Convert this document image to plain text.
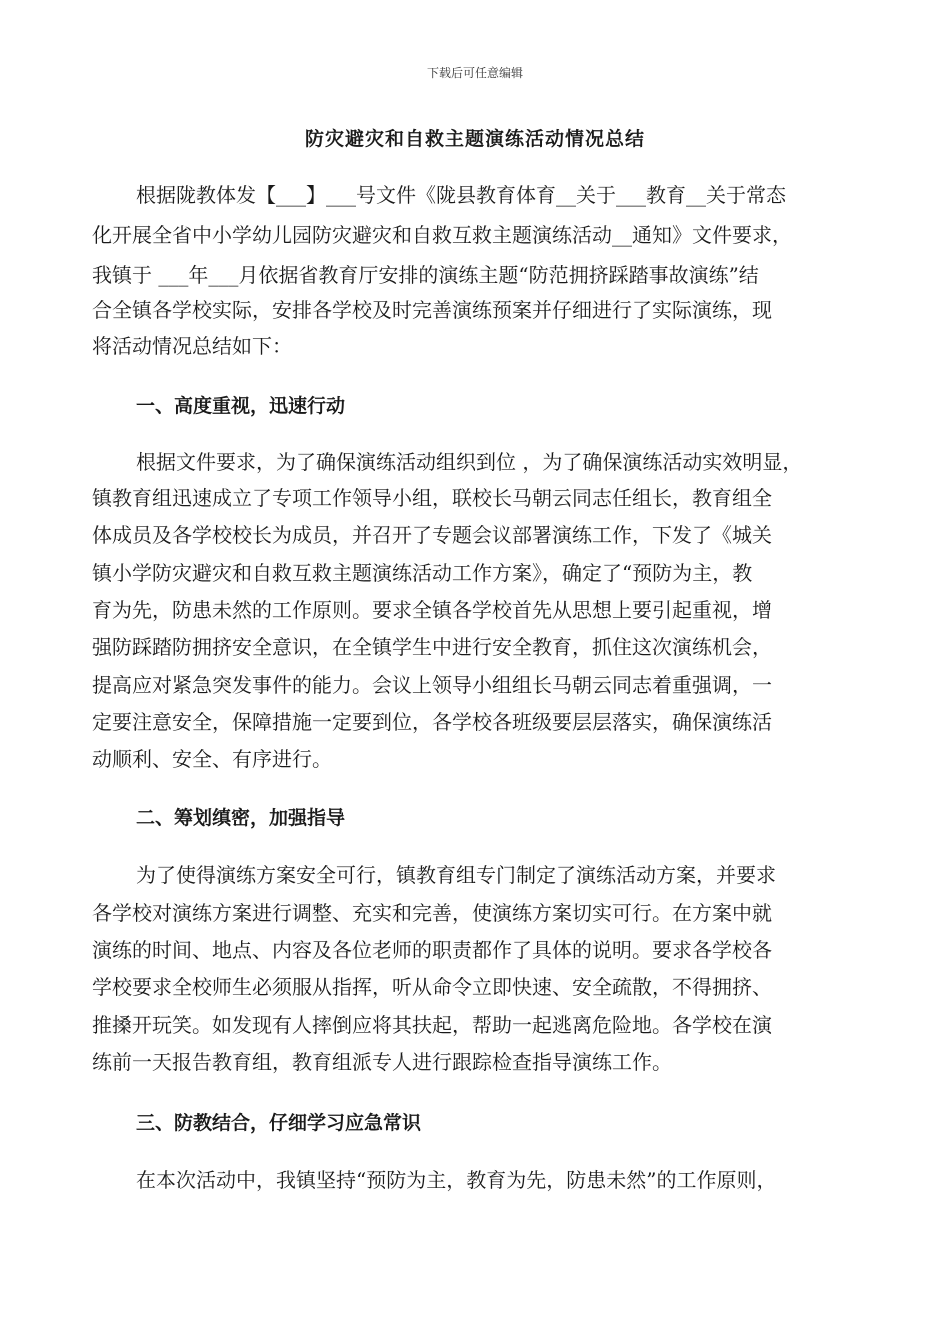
下载后可任意编辑
防灾避灾和自救主题演练活动情况总结
根据陇教体发【___】___号文件《陇县教育体育__关于___教育__关于常态
化开展全省中小学幼儿园防灾避灾和自救互救主题演练活动__通知》文件要求，
我镇于 ___年___月依据省教育厅安排的演练主题“防范拥挤踩踏事故演练”结
合全镇各学校实际，安排各学校及时完善演练预案并仔细进行了实际演练，现
将活动情况总结如下：
一、高度重视，迅速行动
根据文件要求，为了确保演练活动组织到位 ，为了确保演练活动实效明显，
镇教育组迅速成立了专项工作领导小组，联校长马朝云同志任组长，教育组全
体成员及各学校校长为成员，并召开了专题会议部署演练工作，下发了《城关
镇小学防灾避灾和自救互救主题演练活动工作方案》，确定了“预防为主，教
育为先，防患未然的工作原则。要求全镇各学校首先从思想上要引起重视，增
强防踩踏防拥挤安全意识，在全镇学生中进行安全教育，抓住这次演练机会，
提高应对紧急突发事件的能力。会议上领导小组组长马朝云同志着重强调，一
定要注意安全，保障措施一定要到位，各学校各班级要层层落实，确保演练活
动顺利、安全、有序进行。
二、筹划缜密，加强指导
为了使得演练方案安全可行，镇教育组专门制定了演练活动方案，并要求
各学校对演练方案进行调整、充实和完善，使演练方案切实可行。在方案中就
演练的时间、地点、内容及各位老师的职责都作了具体的说明。要求各学校各
学校要求全校师生必须服从指挥，听从命令立即快速、安全疏散，不得拥挤、
推搡开玩笑。如发现有人摔倒应将其扶起，帮助一起逃离危险地。各学校在演
练前一天报告教育组，教育组派专人进行跟踪检查指导演练工作。
三、防教结合，仔细学习应急常识
在本次活动中，我镇坚持“预防为主，教育为先，防患未然”的工作原则，
